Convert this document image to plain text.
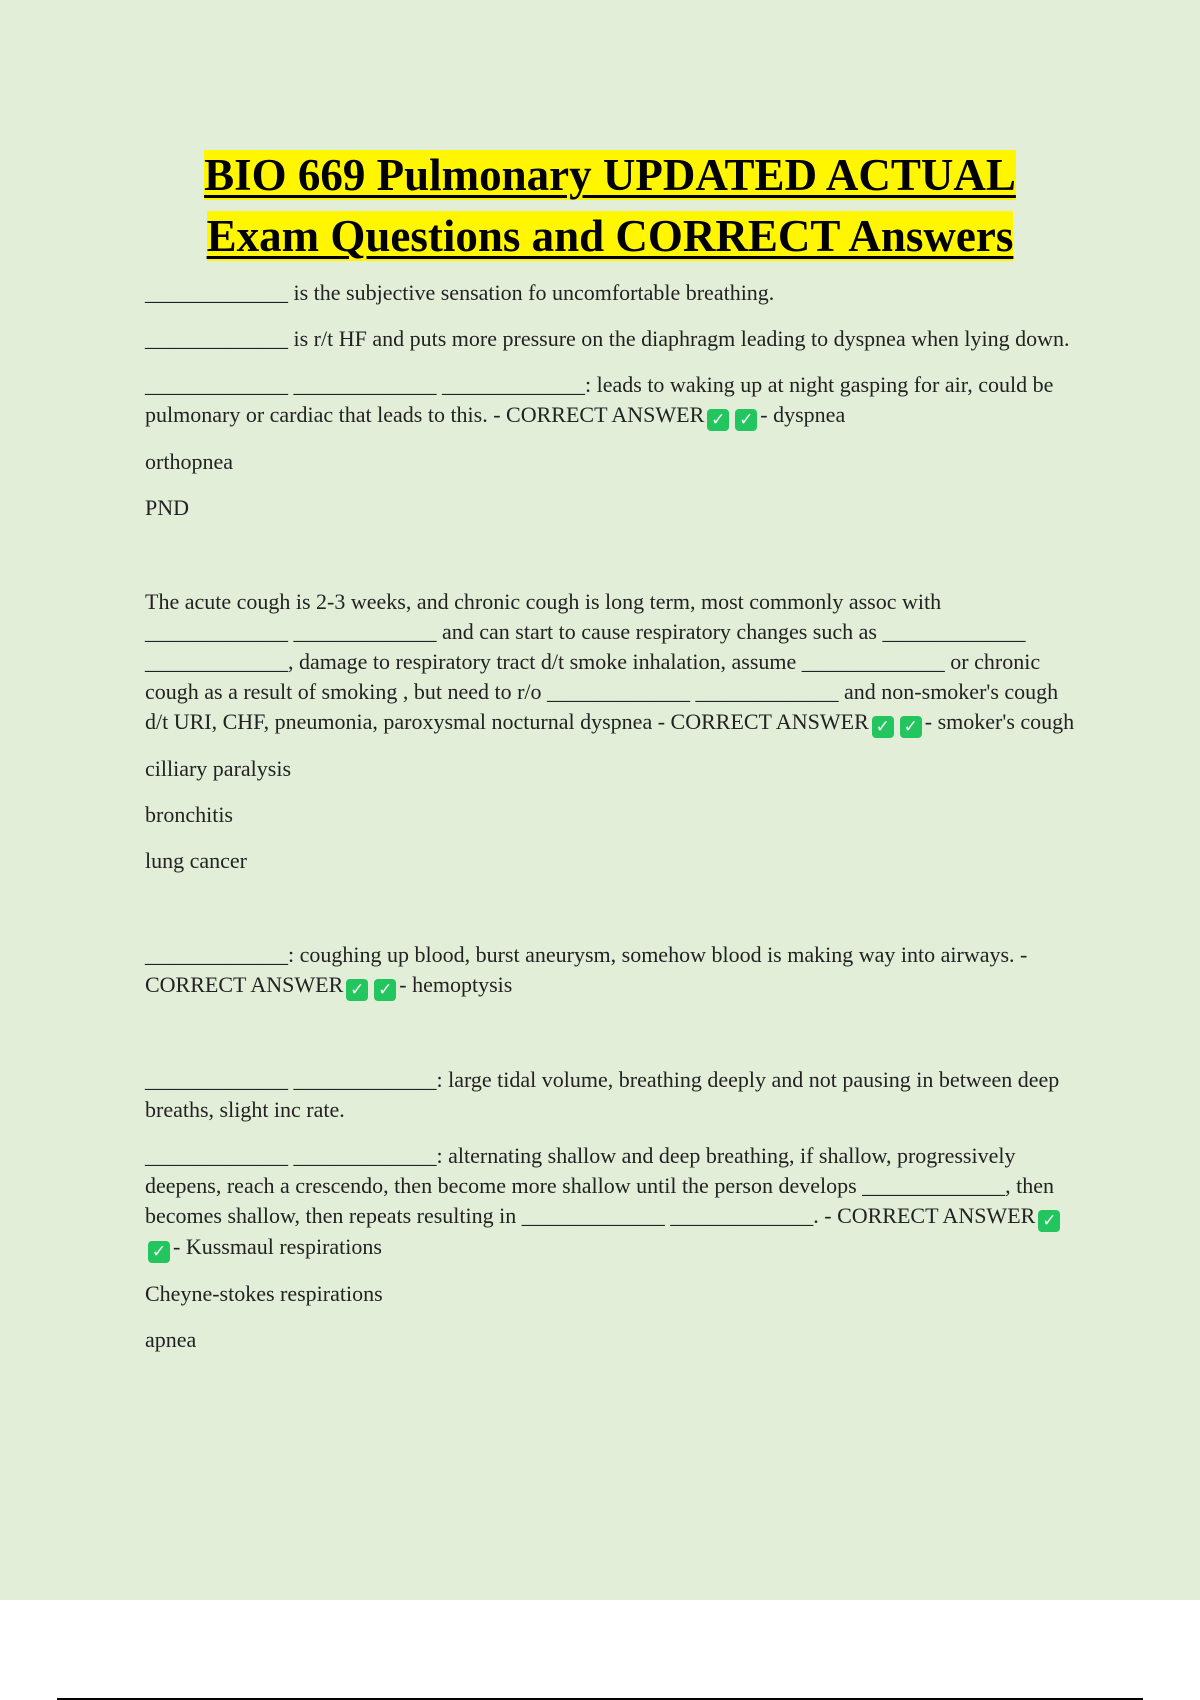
BIO 669 Pulmonary UPDATED ACTUAL
Exam Questions and CORRECT Answers

_____________ is the subjective sensation fo uncomfortable breathing.

_____________ is r/t HF and puts more pressure on the diaphragm leading to dyspnea when lying down.

_____________ _____________ _____________: leads to waking up at night gasping for air, could be pulmonary or cardiac that leads to this. - CORRECT ANSWER ✓ ✓ - dyspnea

orthopnea

PND

The acute cough is 2-3 weeks, and chronic cough is long term, most commonly assoc with _____________ _____________ and can start to cause respiratory changes such as _____________ _____________, damage to respiratory tract d/t smoke inhalation, assume _____________ or chronic cough as a result of smoking , but need to r/o _____________ _____________ and non-smoker's cough d/t URI, CHF, pneumonia, paroxysmal nocturnal dyspnea - CORRECT ANSWER ✓ ✓ - smoker's cough

cilliary paralysis

bronchitis

lung cancer

_____________: coughing up blood, burst aneurysm, somehow blood is making way into airways. - CORRECT ANSWER ✓ ✓ - hemoptysis

_____________ _____________: large tidal volume, breathing deeply and not pausing in between deep breaths, slight inc rate.

_____________ _____________: alternating shallow and deep breathing, if shallow, progressively deepens, reach a crescendo, then become more shallow until the person develops _____________, then becomes shallow, then repeats resulting in _____________ _____________. - CORRECT ANSWER ✓✓ - Kussmaul respirations

Cheyne-stokes respirations

apnea
